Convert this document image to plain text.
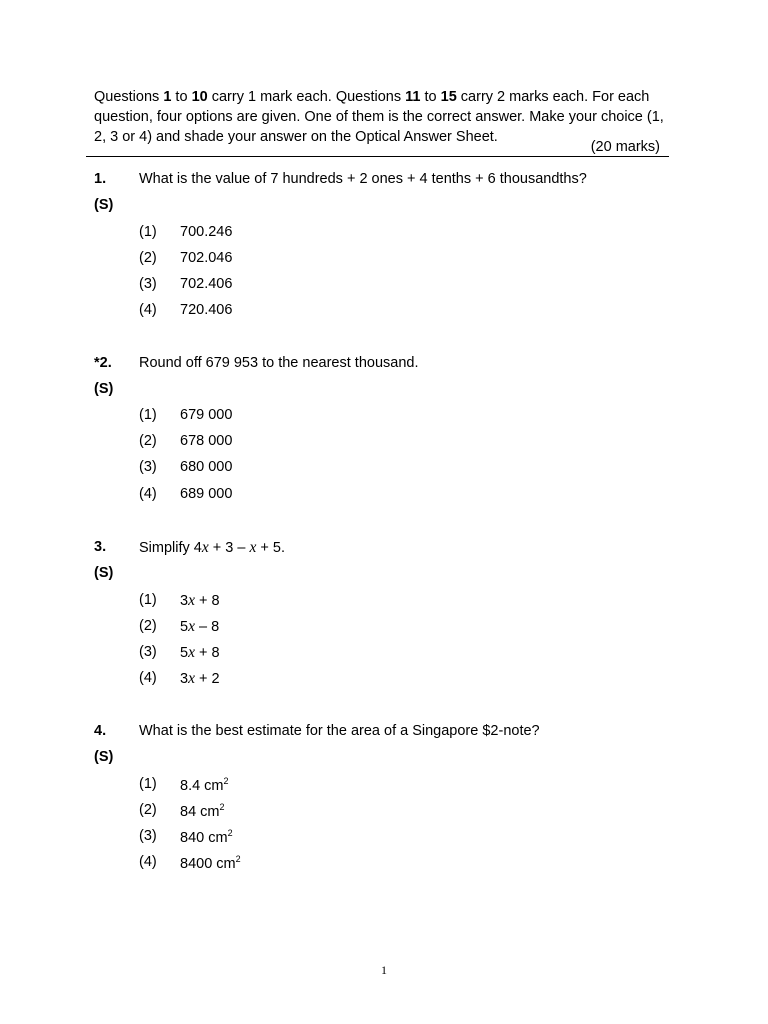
Questions 1 to 10 carry 1 mark each. Questions 11 to 15 carry 2 marks each. For each question, four options are given. One of them is the correct answer. Make your choice (1, 2, 3 or 4) and shade your answer on the Optical Answer Sheet.
(20 marks)
1. What is the value of 7 hundreds + 2 ones + 4 tenths + 6 thousandths?
(S)
(1) 700.246
(2) 702.046
(3) 702.406
(4) 720.406
*2. Round off 679 953 to the nearest thousand.
(S)
(1) 679 000
(2) 678 000
(3) 680 000
(4) 689 000
3. Simplify 4x + 3 – x + 5.
(S)
(1) 3x + 8
(2) 5x – 8
(3) 5x + 8
(4) 3x + 2
4. What is the best estimate for the area of a Singapore $2-note?
(S)
(1) 8.4 $cm^2$
(2) 84 $cm^2$
(3) 840 $cm^2$
(4) 8400 $cm^2$
1
